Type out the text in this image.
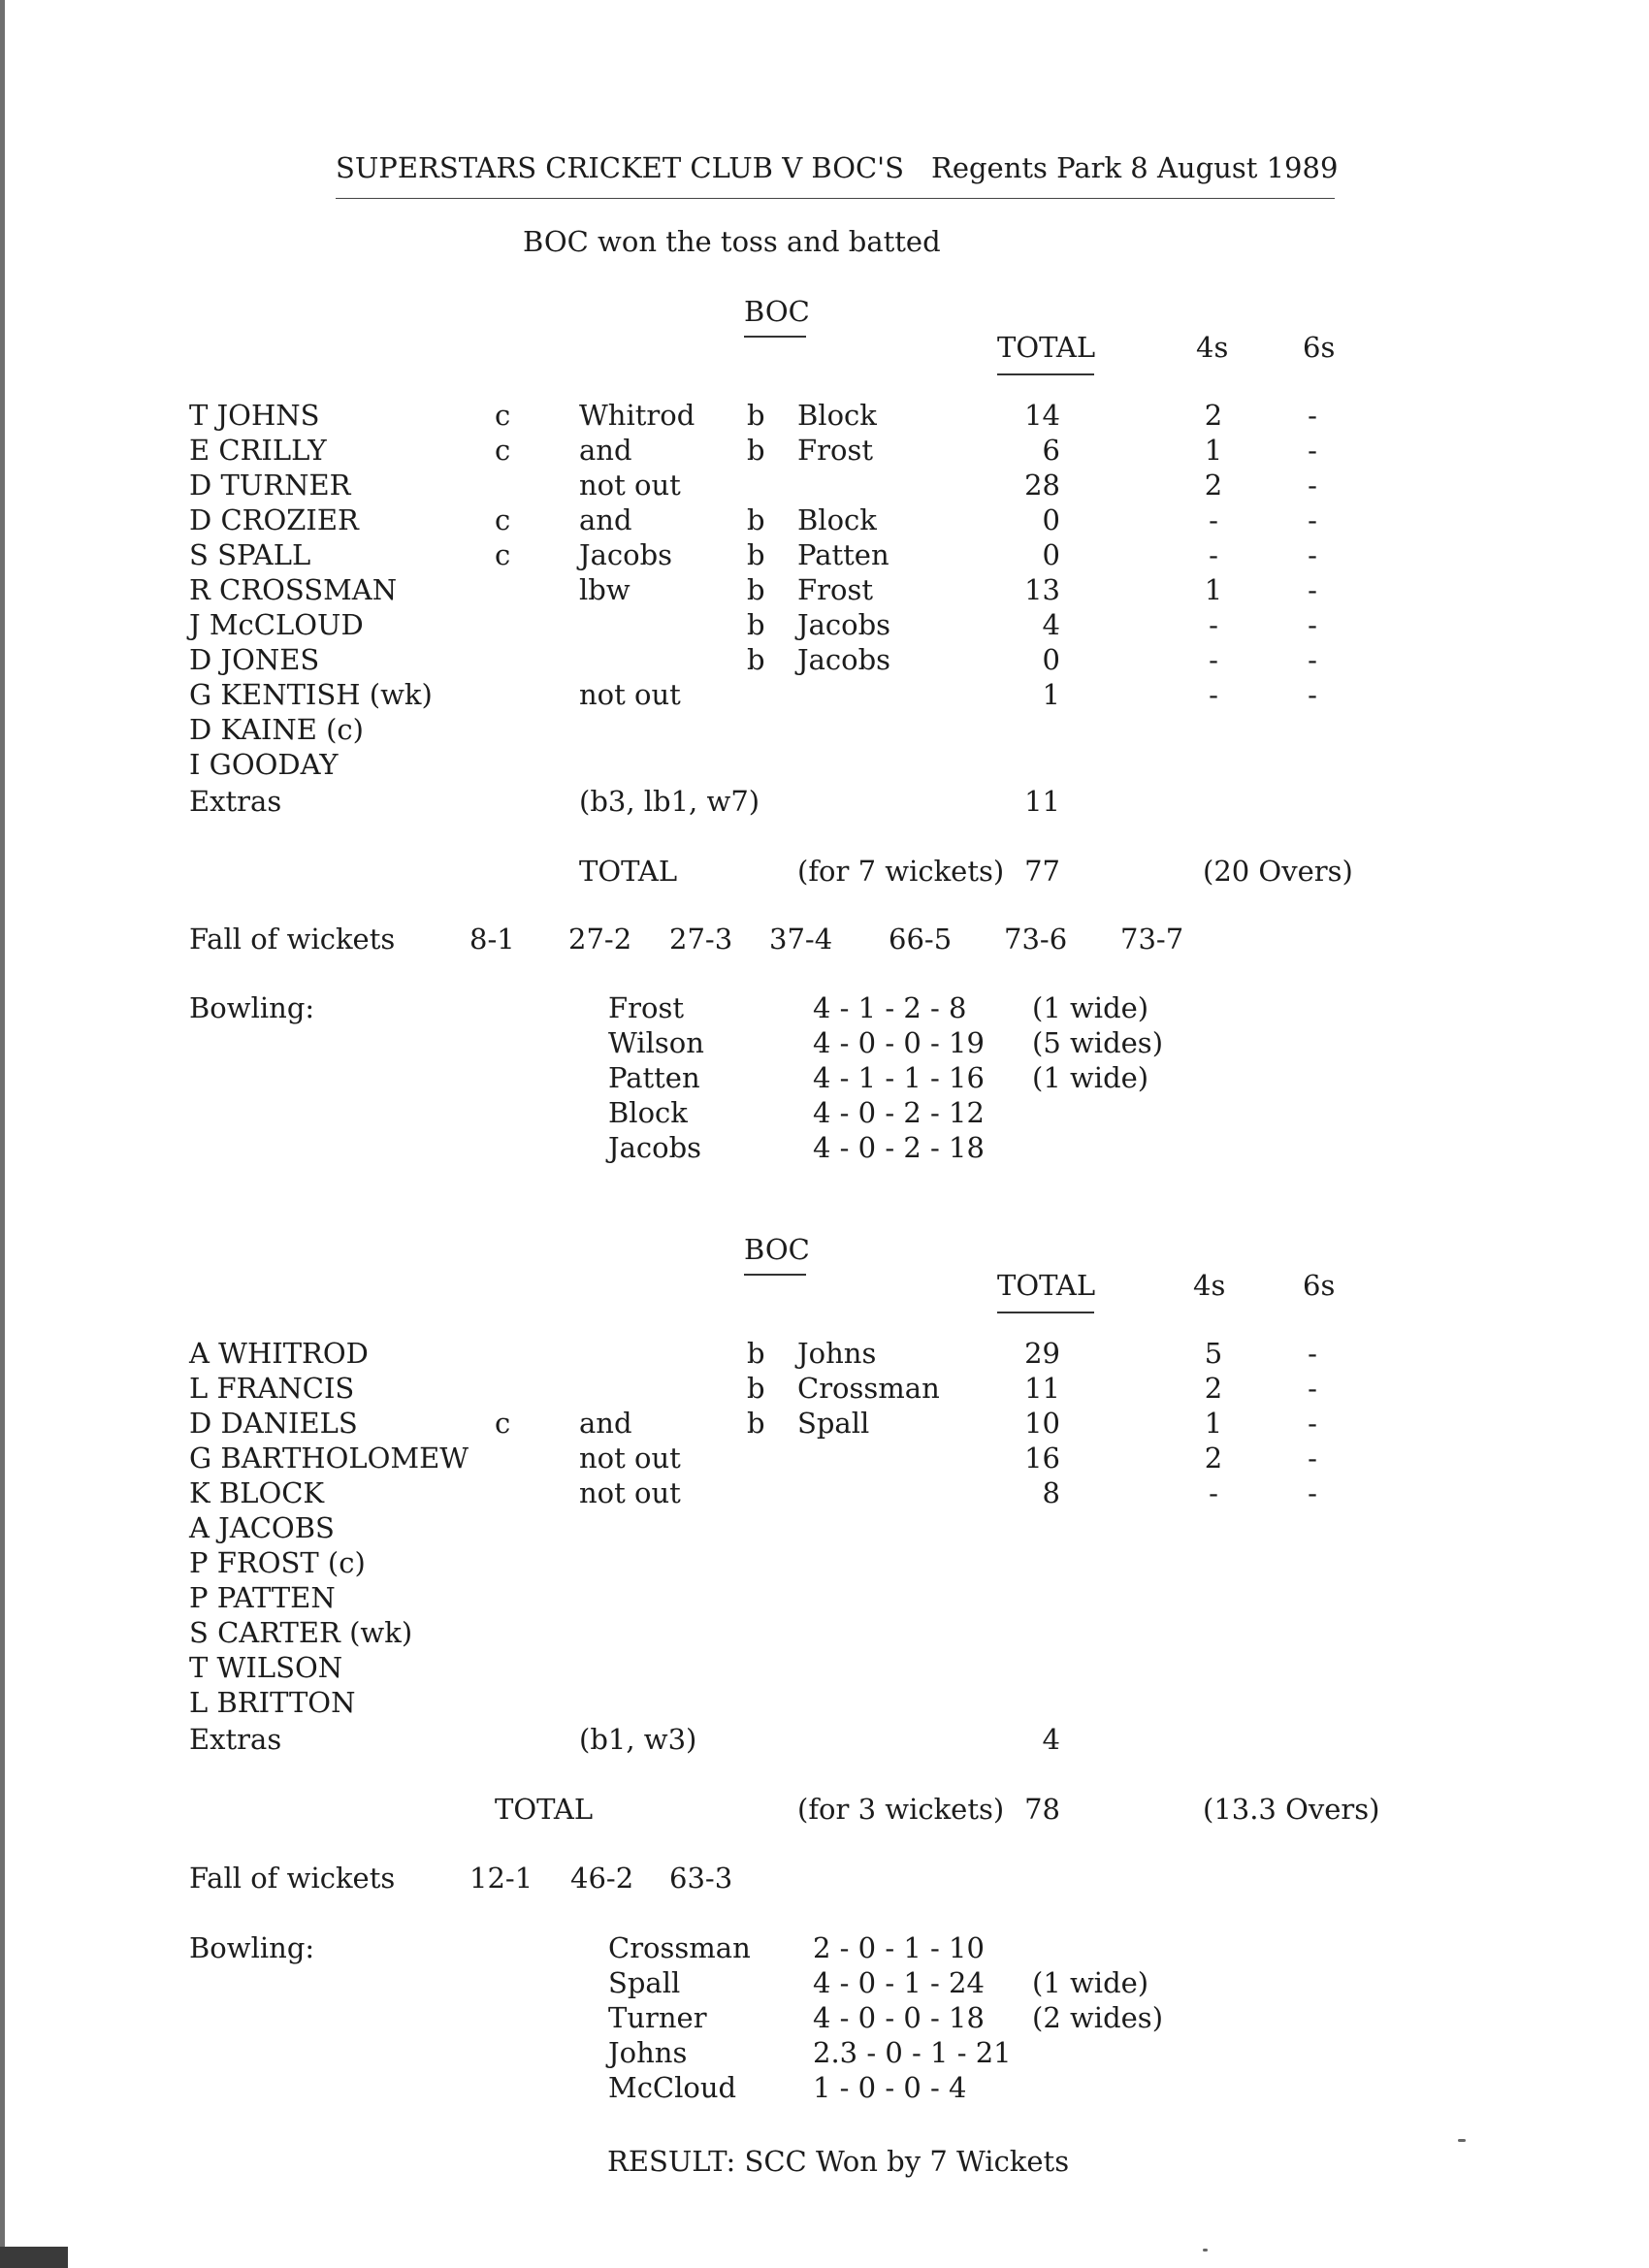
SUPERSTARS CRICKET CLUB V BOC'S Regents Park 8 August 1989
BOC won the toss and batted
BOC
TOTAL	4s	6s
T JOHNS	c Whitrod b Block	14	2	-
E CRILLY	c and	b Frost	6	1	-
D TURNER	not out	28	2	-
D CROZIER	c and	b Block	0	-	-
S SPALL	c Jacobs	b Patten	0	-	-
R CROSSMAN	lbw	b Frost	13	1	-
J McCLOUD	b Jacobs	4	-	-
D JONES	b Jacobs	0	-	-
G KENTISH (wk)	not out	1	-	-
D KAINE (c)
I GOODAY
Extras	(b3, lb1, w7)	11
TOTAL	(for 7 wickets) 77	(20 Overs)
Fall of wickets	8-1 27-2 27-3 37-4 66-5 73-6 73-7
Bowling:	Frost	4 - 1 - 2 - 8 (1 wide)
Wilson	4 - 0 - 0 - 19 (5 wides)
Patten	4 - 1 - 1 - 16 (1 wide)
Block	4 - 0 - 2 - 12
Jacobs	4 - 0 - 2 - 18
BOC
TOTAL	4s	6s
A WHITROD	b Johns	29	5	-
L FRANCIS	b Crossman	11	2	-
D DANIELS	c and	b Spall	10	1	-
G BARTHOLOMEW	not out	16	2	-
K BLOCK	not out	8	-	-
A JACOBS
P FROST (c)
P PATTEN
S CARTER (wk)
T WILSON
L BRITTON
Extras	(b1, w3)	4
TOTAL	(for 3 wickets) 78	(13.3 Overs)
Fall of wickets	12-1 46-2 63-3
Bowling:	Crossman 2 - 0 - 1 - 10
Spall	4 - 0 - 1 - 24 (1 wide)
Turner	4 - 0 - 0 - 18 (2 wides)
Johns	2.3 - 0 - 1 - 21
McCloud	1 - 0 - 0 - 4
RESULT: SCC Won by 7 Wickets
